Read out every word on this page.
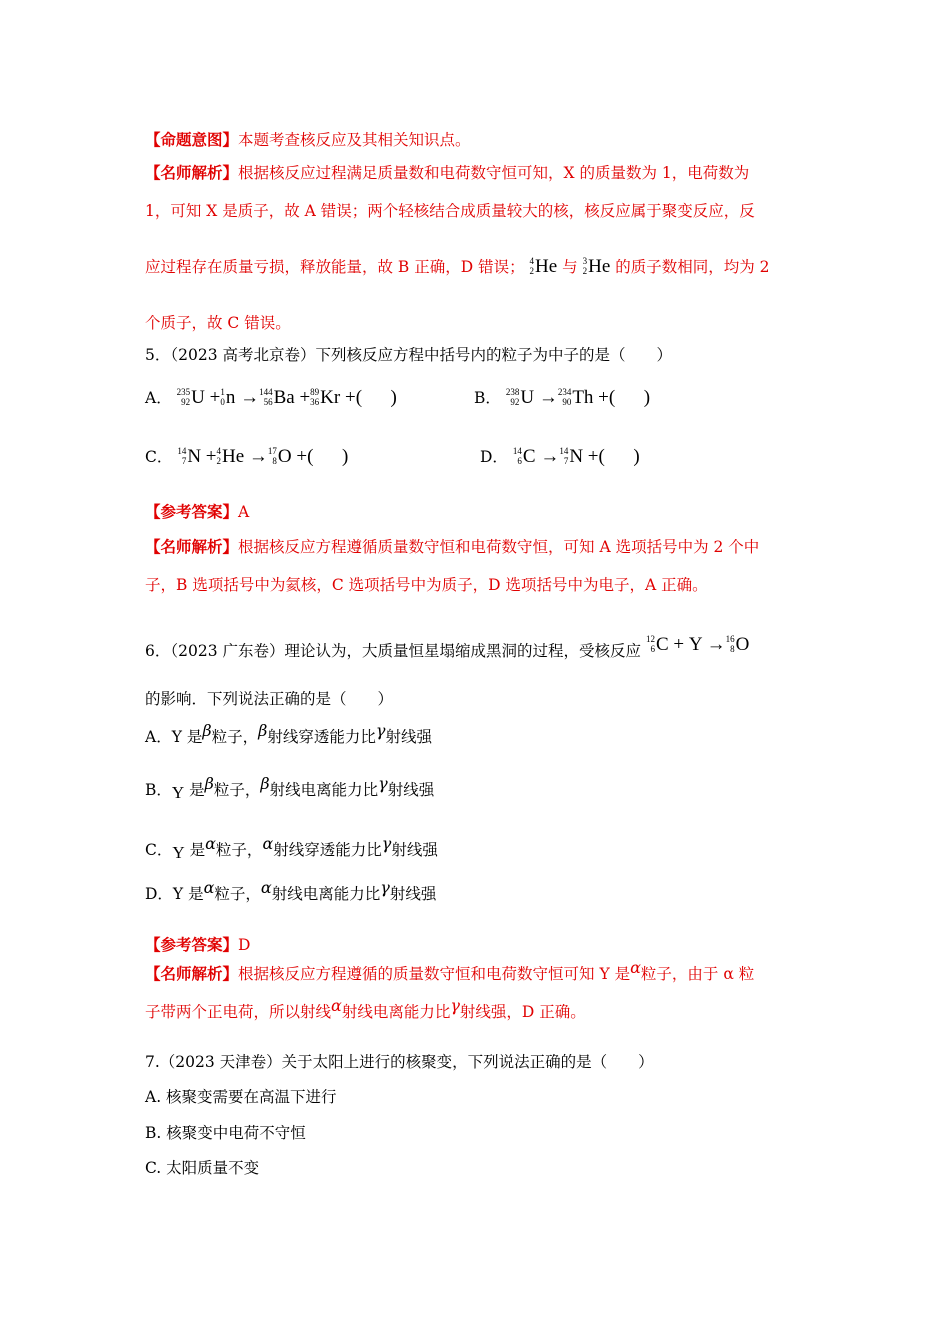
【命题意图】本题考查核反应及其相关知识点。
【名师解析】根据核反应过程满足质量数和电荷数守恒可知，X 的质量数为 1，电荷数为
1，可知 X 是质子，故 A 错误；两个轻核结合成质量较大的核，核反应属于聚变反应，反
应过程存在质量亏损，释放能量，故 B 正确，D 错误； 4
2 He 与 3
2 He 的质子数相同，均为 2
个质子，故 C 错误。
5．（2023 高考北京卷）下列核反应方程中括号内的粒子为中子的是（　　）
A． 235
92 U + 1
0 n → 144
56 Ba + 89
36 Kr +(      )	B． 238
92 U → 234
90 Th +(      )
C． 14
7 N + 4
2 He → 17
8 O +(      )	D． 14
6 C → 14
7 N +(      )
【参考答案】A
【名师解析】根据核反应方程遵循质量数守恒和电荷数守恒，可知 A 选项括号中为 2 个中
子，B 选项括号中为氦核，C 选项括号中为质子，D 选项括号中为电子，A 正确。
6．（2023 广东卷）理论认为，大质量恒星塌缩成黑洞的过程，受核反应
12
6 C + Y → 16
8 O
的影响．下列说法正确的是（　　）
A．Y 是β粒子，β射线穿透能力比γ射线强
B．Y 是β粒子，β射线电离能力比γ射线强
C．Y 是α粒子，α射线穿透能力比γ射线强
D．Y 是α粒子，α射线电离能力比γ射线强
【参考答案】D
【名师解析】根据核反应方程遵循的质量数守恒和电荷数守恒可知 Y 是α粒子，由于 α 粒
子带两个正电荷，所以射线α射线电离能力比γ射线强，D 正确。
7.（2023 天津卷）关于太阳上进行的核聚变，下列说法正确的是（　　）
A. 核聚变需要在高温下进行
B. 核聚变中电荷不守恒
C. 太阳质量不变
